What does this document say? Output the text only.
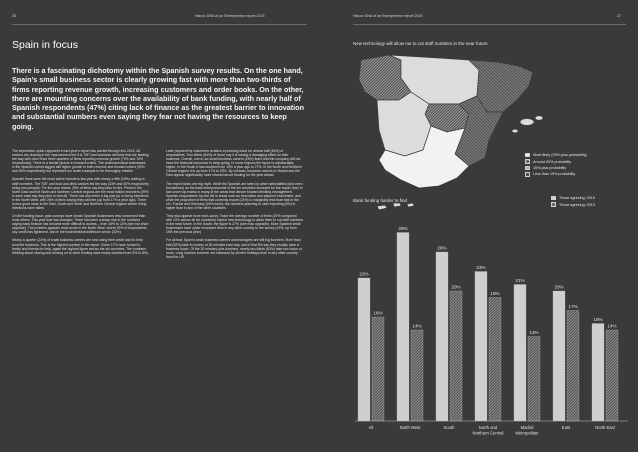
26	Hiscox DNA of an Entrepreneur report 2015
Spain in focus
There is a fascinating dichotomy within the Spanish survey results. On the one hand, Spain’s small business sector is clearly growing fast with more than two-thirds of firms reporting revenue growth, increasing customers and order books. On the other, there are mounting concerns over the availability of bank funding, with nearly half of Spanish respondents (47%) citing lack of finance as the greatest barrier to innovation and substantial numbers even saying they fear not having the resources to keep going.

The impressive upturn apparent in last year’s report has carried through into 2015. All sectors are sharing in the improvement but it is TMT and business services that are leading the way with more than three-quarters of firms reporting revenue growth (79% and 76% respectively). There is a similar picture in forward orders. The pharmaceutical businesses in the Spanish cohort lagged still higher growth in both revenue and forward orders (92% and 83% respectively) but represent too small a sample to be thoroughly reliable.

Spanish firms were the most active recruiters last year with nearly a fifth (18%) adding to staff numbers. The TMT and food and drink sectors led the way (33% and 30% respectively hiring new people). For the year ahead, 26% of firms say they plan to hire. Firms in the North East and the North and Northern Central regions are the most bullish recruiters (29% in each case say they plan to recruit). There has also been a big pick-up in hiring intentions in the North West, with 26% of firms saying they will hire (up from 17% a year ago). There is less good news in the East, South and North and Northern Central regions where hiring intentions have fallen.

On the funding issue, past surveys have shown Spanish businesses less concerned than most others. This year that has changed. There has been a sharp rise in the numbers saying bank finance has become more difficult to access – from 16% to 22% (see bar chart opposite). The problem appears most acute in the North West, where 29% of respondents say credit has tightened, and in the food/drink/travel/leisure sector (32%).

Nearly a quarter (24%) of small business owners are now using their credit card to help fund the business. This is the highest number in the report. Some 17% have turned to family and friends for help, again the highest figure across the six countries. The numbers thinking about closing and moving on to other lending have nearly doubled from 5% to 8%).

Later payment by customers remains a pressing issue for almost half (46%) of respondents. Two-thirds (64%) of those say it is having a damaging effect on their business. Overall, one-in-six small business owners (16%) fears that the company will not have the financial resources to keep going. In some regions the figure is substantially higher. In the South it has doubled from 13% a year ago to 27%. In the North and Northern Central regions it is up from 17% to 25%. By contrast, business owners in Madrid and the East appear significantly more relaxed about funding for the year ahead.

The report busts one big myth. While the Spanish are seen by other nationalities (and even themselves) as the least entrepreneurial of the six countries surveyed for the report, they in fact score top marks in many of the areas that denote forward-thinking management. Spanish respondents top the list in areas such as innovation and planned investment, and while the proportion of firms that currently export (23%) is marginally less than that in the UK, France and Germany (24% each), the numbers planning to start exporting (5%) is higher than in any of the other countries.

They also appear more tech-savvy. Twice the average number of firms (20% compared with 10% across all six countries) expect new technology to allow them to cut staff numbers in the near future. In the South, the figure is 27% (see map opposite). More Spanish small businesses have cyber insurance than in any other country in the survey (19%, up from 16% the previous year).

For all that, Spain’s small business owners and managers are still big lunchers. More than half (52%) take in excess of 30 minutes each day and of that 8% say they usually have a business lunch. Of the 30 minutes-plus lunchers, nearly two-thirds (63%) take two hours or more. Long lunches however are balanced by shorter holidays than in any other country than the US.

Hiscox DNA of an Entrepreneur report 2015	27
New technology will allow me to cut staff numbers in the near future
Most likely (25%-plus probability)
Around 20% probability
15%-plus probability
Less than 15% probability
Bank funding harder to find	Those agreeing: 2016
Those agreeing: 2015
22%
16%
All
29%
14%
North West
26%
20%
South
23%
19%
North and
Northern Central
21%
13%
Madrid
Metropolitan
20%
17%
East
15%
14%
North East
